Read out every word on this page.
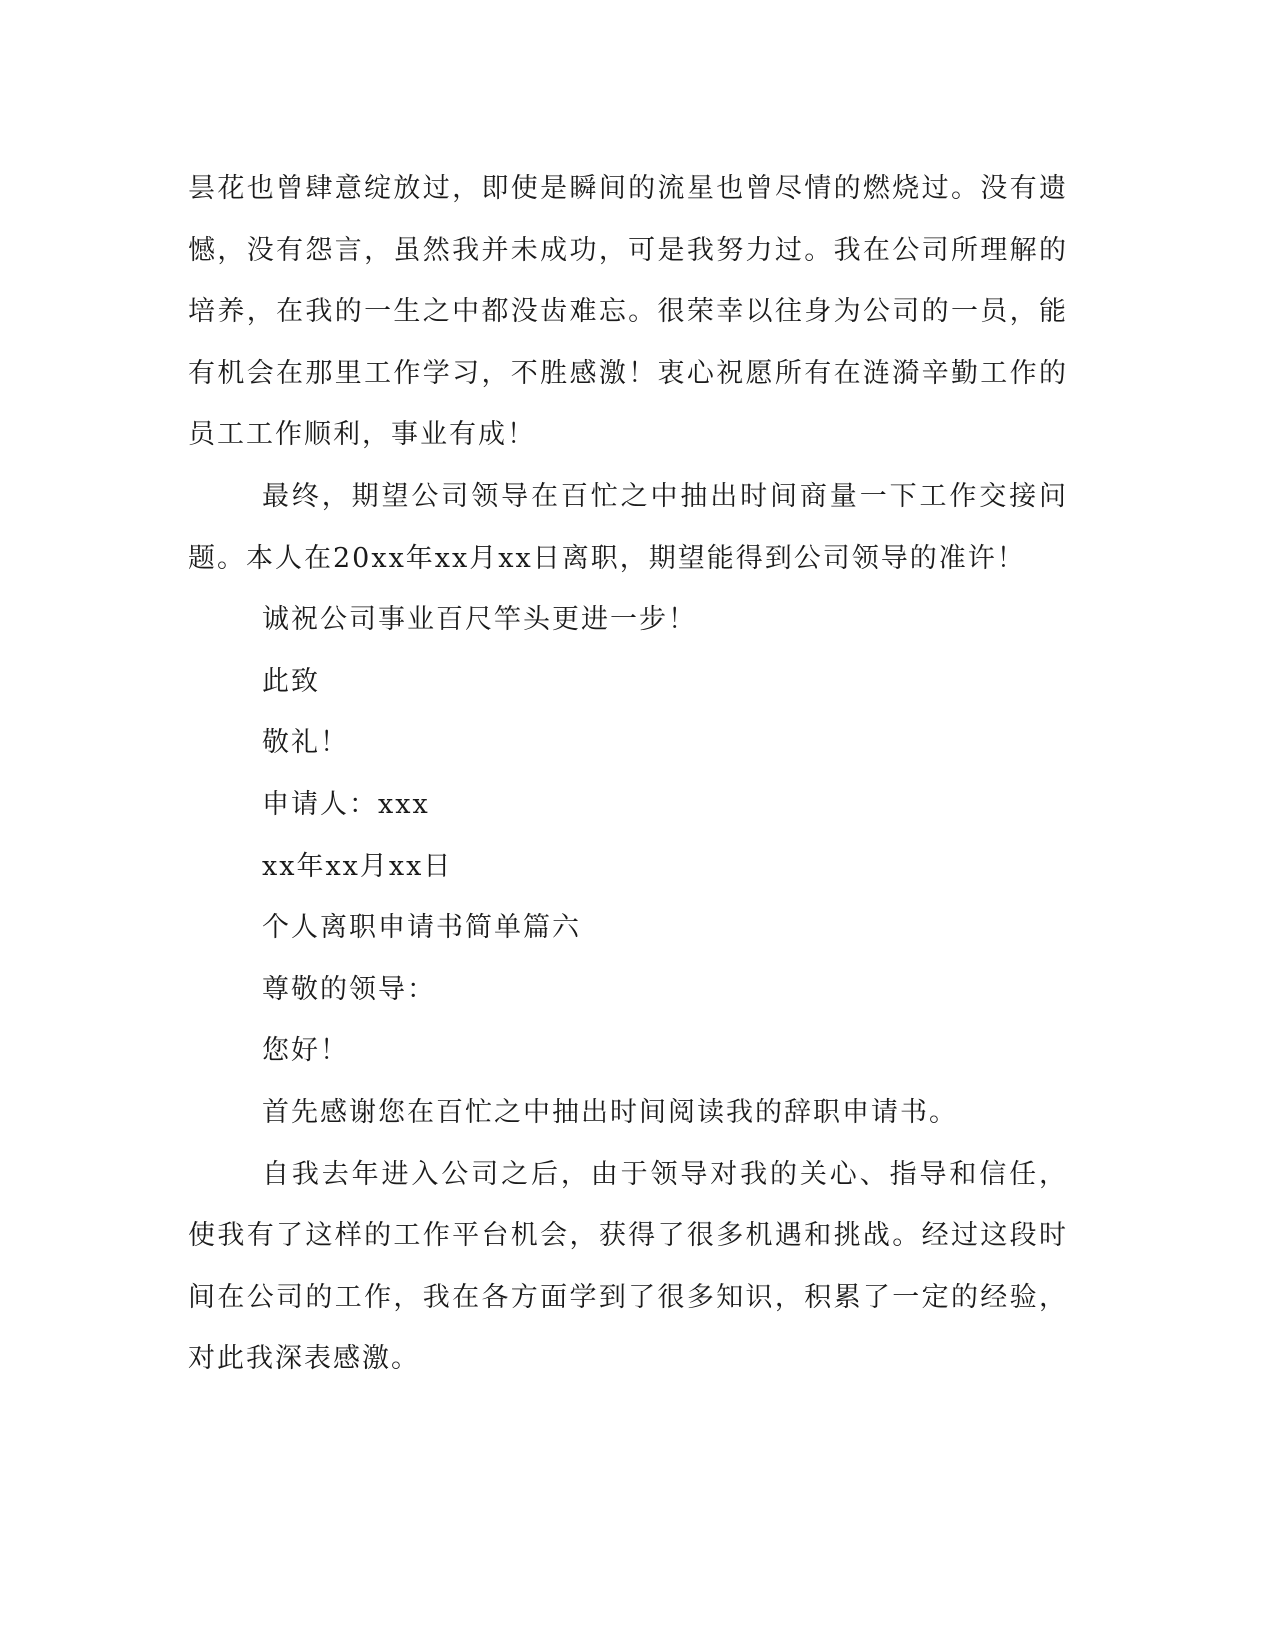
昙花也曾肆意绽放过，即使是瞬间的流星也曾尽情的燃烧过。没有遗憾，没有怨言，虽然我并未成功，可是我努力过。我在公司所理解的培养，在我的一生之中都没齿难忘。很荣幸以往身为公司的一员，能有机会在那里工作学习，不胜感激！衷心祝愿所有在涟漪辛勤工作的员工工作顺利，事业有成！

最终，期望公司领导在百忙之中抽出时间商量一下工作交接问题。本人在20xx年xx月xx日离职，期望能得到公司领导的准许！

诚祝公司事业百尺竿头更进一步！

此致

敬礼！

申请人：xxx

xx年xx月xx日

个人离职申请书简单篇六

尊敬的领导：

您好！

首先感谢您在百忙之中抽出时间阅读我的辞职申请书。

自我去年进入公司之后，由于领导对我的关心、指导和信任，使我有了这样的工作平台机会，获得了很多机遇和挑战。经过这段时间在公司的工作，我在各方面学到了很多知识，积累了一定的经验，对此我深表感激。
